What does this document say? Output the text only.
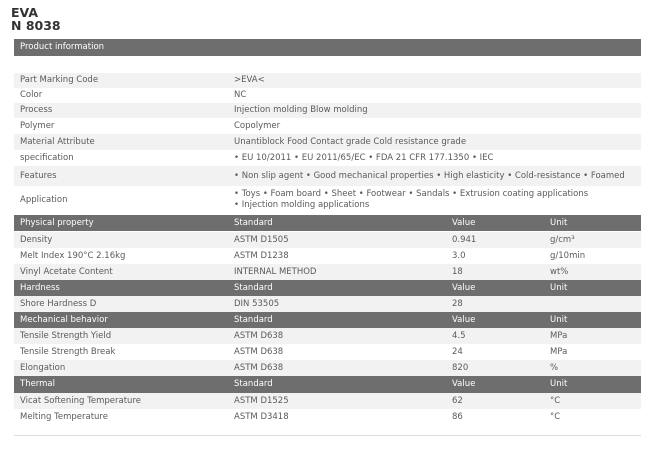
EVA
N 8038
Product information
Part Marking Code	>EVA<
Color	NC
Process	Injection molding Blow molding
Polymer	Copolymer
Material Attribute	Unantiblock Food Contact grade Cold resistance grade
specification	• EU 10/2011 • EU 2011/65/EC • FDA 21 CFR 177.1350 • IEC
Features	• Non slip agent • Good mechanical properties • High elasticity • Cold-resistance • Foamed
Application
• Toys • Foam board • Sheet • Footwear • Sandals • Extrusion coating applications
• Injection molding applications
Physical property	Standard	Value	Unit
Density	ASTM D1505	0.941	g/cm³
Melt Index 190°C 2.16kg	ASTM D1238	3.0	g/10min
Vinyl Acetate Content	INTERNAL METHOD	18	wt%
Hardness	Standard	Value	Unit
Shore Hardness D	DIN 53505	28
Mechanical behavior	Standard	Value	Unit
Tensile Strength Yield	ASTM D638	4.5	MPa
Tensile Strength Break	ASTM D638	24	MPa
Elongation	ASTM D638	820	%
Thermal	Standard	Value	Unit
Vicat Softening Temperature	ASTM D1525	62	°C
Melting Temperature	ASTM D3418	86	°C
